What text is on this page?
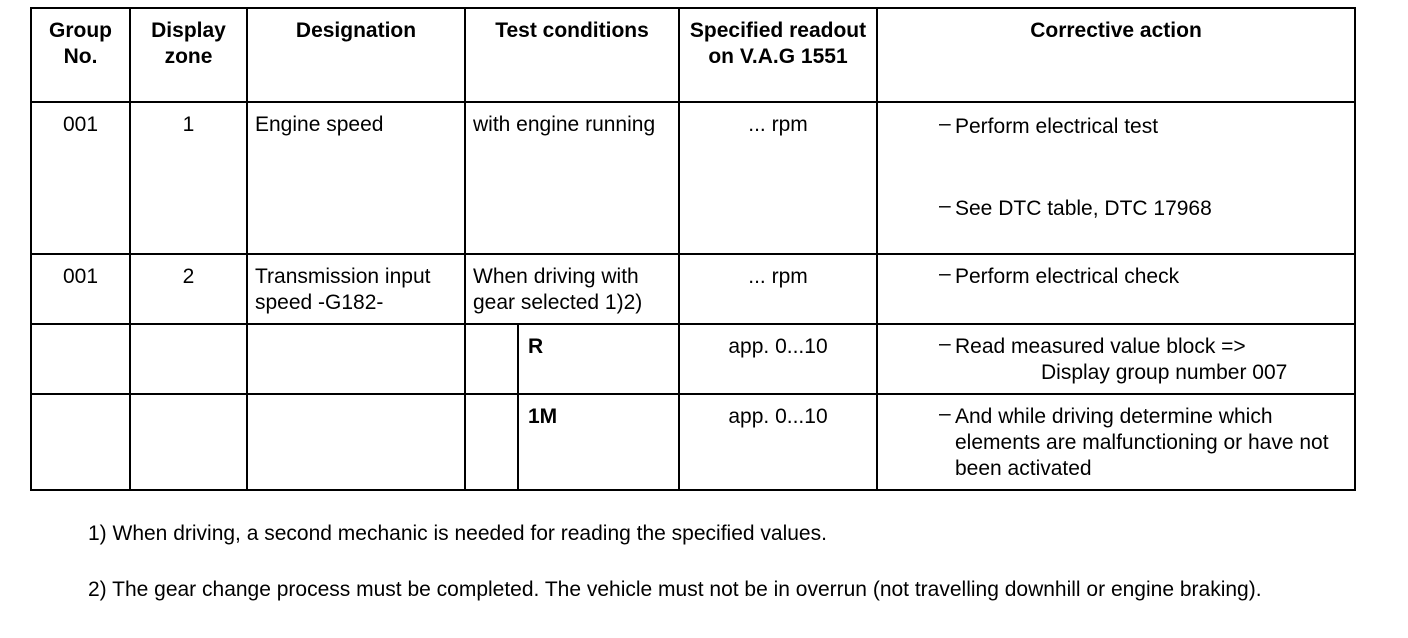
Group No.	Display zone	Designation	Test conditions		Specified readout on V.A.G 1551	Corrective action
001	1	Engine speed	with engine running		... rpm	– Perform electrical test
– See DTC table, DTC 17968

001	2	Transmission input speed -G182-	When driving with gear selected 1)2)		... rpm	– Perform electrical check

				R	app. 0...10	– Read measured value block =>
Display group number 007

				1M	app. 0...10	– And while driving determine which elements are malfunctioning or have not been activated
1) When driving, a second mechanic is needed for reading the specified values.
2) The gear change process must be completed. The vehicle must not be in overrun (not travelling downhill or engine braking).
